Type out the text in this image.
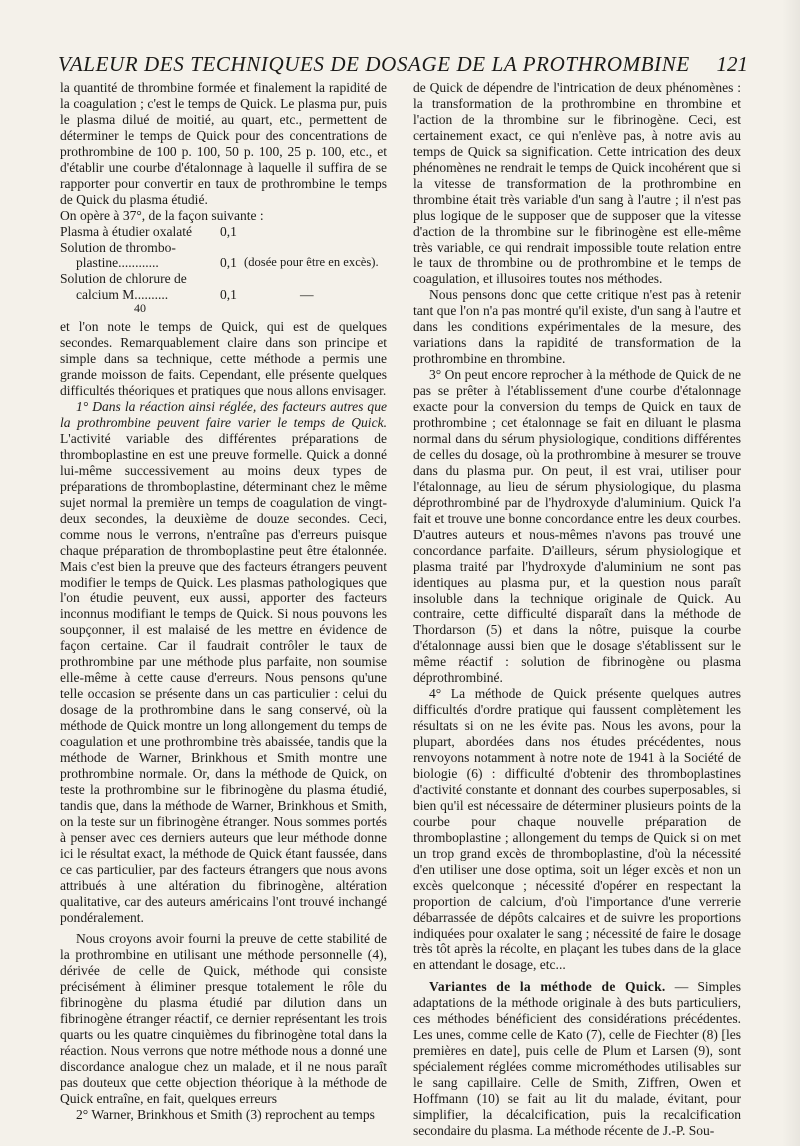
VALEUR DES TECHNIQUES DE DOSAGE DE LA PROTHROMBINE 121

la quantité de thrombine formée et finalement la rapidité de la coagulation ; c'est le temps de Quick. Le plasma pur, puis le plasma dilué de moitié, au quart, etc., permettent de déterminer le temps de Quick pour des concentrations de prothrombine de 100 p. 100, 50 p. 100, 25 p. 100, etc., et d'établir une courbe d'étalonnage à laquelle il suffira de se rapporter pour convertir en taux de prothrombine le temps de Quick du plasma étudié.

On opère à 37°, de la façon suivante :

Plasma à étudier oxalaté 0,1
Solution de thrombo-
plastine............	0,1 (dosée pour être en excès).
Solution de chlorure de
calcium M..........	0,1	—
40

et l'on note le temps de Quick, qui est de quelques secondes. Remarquablement claire dans son principe et simple dans sa technique, cette méthode a permis une grande moisson de faits. Cependant, elle présente quelques difficultés théoriques et pratiques que nous allons envisager.

1° Dans la réaction ainsi réglée, des facteurs autres que la prothrombine peuvent faire varier le temps de Quick. L'activité variable des différentes préparations de thromboplastine en est une preuve formelle. Quick a donné lui-même successivement au moins deux types de préparations de thromboplastine, déterminant chez le même sujet normal la première un temps de coagulation de vingt-deux secondes, la deuxième de douze secondes. Ceci, comme nous le verrons, n'entraîne pas d'erreurs puisque chaque préparation de thromboplastine peut être étalonnée. Mais c'est bien la preuve que des facteurs étrangers peuvent modifier le temps de Quick. Les plasmas pathologiques que l'on étudie peuvent, eux aussi, apporter des facteurs inconnus modifiant le temps de Quick. Si nous pouvons les soupçonner, il est malaisé de les mettre en évidence de façon certaine. Car il faudrait contrôler le taux de prothrombine par une méthode plus parfaite, non soumise elle-même à cette cause d'erreurs. Nous pensons qu'une telle occasion se présente dans un cas particulier : celui du dosage de la prothrombine dans le sang conservé, où la méthode de Quick montre un long allongement du temps de coagulation et une prothrombine très abaissée, tandis que la méthode de Warner, Brinkhous et Smith montre une prothrombine normale. Or, dans la méthode de Quick, on teste la prothrombine sur le fibrinogène du plasma étudié, tandis que, dans la méthode de Warner, Brinkhous et Smith, on la teste sur un fibrinogène étranger. Nous sommes portés à penser avec ces derniers auteurs que leur méthode donne ici le résultat exact, la méthode de Quick étant faussée, dans ce cas particulier, par des facteurs étrangers que nous avons attribués à une altération du fibrinogène, altération qualitative, car des auteurs américains l'ont trouvé inchangé pondéralement.

Nous croyons avoir fourni la preuve de cette stabilité de la prothrombine en utilisant une méthode personnelle (4), dérivée de celle de Quick, méthode qui consiste précisément à éliminer presque totalement le rôle du fibrinogène du plasma étudié par dilution dans un fibrinogène étranger réactif, ce dernier représentant les trois quarts ou les quatre cinquièmes du fibrinogène total dans la réaction. Nous verrons que notre méthode nous a donné une discordance analogue chez un malade, et il ne nous paraît pas douteux que cette objection théorique à la méthode de Quick entraîne, en fait, quelques erreurs

2° Warner, Brinkhous et Smith (3) reprochent au temps

de Quick de dépendre de l'intrication de deux phénomènes : la transformation de la prothrombine en thrombine et l'action de la thrombine sur le fibrinogène. Ceci, est certainement exact, ce qui n'enlève pas, à notre avis au temps de Quick sa signification. Cette intrication des deux phénomènes ne rendrait le temps de Quick incohérent que si la vitesse de transformation de la prothrombine en thrombine était très variable d'un sang à l'autre ; il n'est pas plus logique de le supposer que de supposer que la vitesse d'action de la thrombine sur le fibrinogène est elle-même très variable, ce qui rendrait impossible toute relation entre le taux de thrombine ou de prothrombine et le temps de coagulation, et illusoires toutes nos méthodes.

Nous pensons donc que cette critique n'est pas à retenir tant que l'on n'a pas montré qu'il existe, d'un sang à l'autre et dans les conditions expérimentales de la mesure, des variations dans la rapidité de transformation de la prothrombine en thrombine.

3° On peut encore reprocher à la méthode de Quick de ne pas se prêter à l'établissement d'une courbe d'étalonnage exacte pour la conversion du temps de Quick en taux de prothrombine ; cet étalonnage se fait en diluant le plasma normal dans du sérum physiologique, conditions différentes de celles du dosage, où la prothrombine à mesurer se trouve dans du plasma pur. On peut, il est vrai, utiliser pour l'étalonnage, au lieu de sérum physiologique, du plasma déprothrombiné par de l'hydroxyde d'aluminium. Quick l'a fait et trouve une bonne concordance entre les deux courbes. D'autres auteurs et nous-mêmes n'avons pas trouvé une concordance parfaite. D'ailleurs, sérum physiologique et plasma traité par l'hydroxyde d'aluminium ne sont pas identiques au plasma pur, et la question nous paraît insoluble dans la technique originale de Quick. Au contraire, cette difficulté disparaît dans la méthode de Thordarson (5) et dans la nôtre, puisque la courbe d'étalonnage aussi bien que le dosage s'établissent sur le même réactif : solution de fibrinogène ou plasma déprothrombiné.

4° La méthode de Quick présente quelques autres difficultés d'ordre pratique qui faussent complètement les résultats si on ne les évite pas. Nous les avons, pour la plupart, abordées dans nos études précédentes, nous renvoyons notamment à notre note de 1941 à la Société de biologie (6) : difficulté d'obtenir des thromboplastines d'activité constante et donnant des courbes superposables, si bien qu'il est nécessaire de déterminer plusieurs points de la courbe pour chaque nouvelle préparation de thromboplastine ; allongement du temps de Quick si on met un trop grand excès de thromboplastine, d'où la nécessité d'en utiliser une dose optima, soit un léger excès et non un excès quelconque ; nécessité d'opérer en respectant la proportion de calcium, d'où l'importance d'une verrerie débarrassée de dépôts calcaires et de suivre les proportions indiquées pour oxalater le sang ; nécessité de faire le dosage très tôt après la récolte, en plaçant les tubes dans de la glace en attendant le dosage, etc...

Variantes de la méthode de Quick. — Simples adaptations de la méthode originale à des buts particuliers, ces méthodes bénéficient des considérations précédentes. Les unes, comme celle de Kato (7), celle de Fiechter (8) [les premières en date], puis celle de Plum et Larsen (9), sont spécialement réglées comme microméthodes utilisables sur le sang capillaire. Celle de Smith, Ziffren, Owen et Hoffmann (10) se fait au lit du malade, évitant, pour simplifier, la décalcification, puis la recalcification secondaire du plasma. La méthode récente de J.-P. Sou-
